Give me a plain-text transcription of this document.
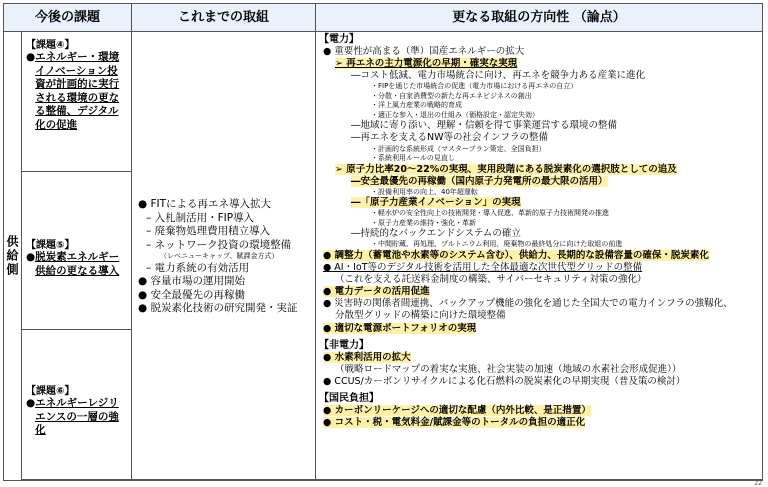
今後の課題	これまでの取組	更なる取組の方向性 （論点）
供給側
【課題④】
● エネルギー・環境イノベーション投資が計画的に実行される環境の更なる整備、デジタル化の促進
【課題⑤】
● 脱炭素エネルギー供給の更なる導入
【課題⑥】
● エネルギーレジリエンスの一層の強化
● FITによる再エネ導入拡大
– 入札制活用・FIP導入
– 廃棄物処理費用積立導入
– ネットワーク投資の環境整備
（レベニューキャップ、賦課金方式）
– 電力系統の有効活用
● 容量市場の運用開始
● 安全最優先の再稼働
● 脱炭素化技術の研究開発・実証
【電力】
● 重要性が高まる（準）国産エネルギーの拡大
➢ 再エネの主力電源化の早期・確実な実現
―コスト低減、電力市場統合に向け、再エネを競争力ある産業に進化
・FIPを通じた市場統合の促進（電力市場における再エネの自立）
・分散・自家消費型の新たな再エネビジネスの創出
・洋上風力産業の戦略的育成
・適正な参入・退出の仕組み（価格設定・認定失効）
―地域に寄り添い、理解・信頼を得て事業運営する環境の整備
―再エネを支えるNW等の社会インフラの整備
・計画的な系統形成（マスタープラン策定、全国負担）
・系統利用ルールの見直し
➢ 原子力比率20～22%の実現、実用段階にある脱炭素化の選択肢としての追及
―安全最優先の再稼働（国内原子力発電所の最大限の活用）
・設備利用率の向上、40年超運転
―「原子力産業イノベーション」の実現
・軽水炉の安全性向上の技術開発・導入促進、革新的原子力技術開発の推進
・原子力産業の維持・強化・革新
―持続的なバックエンドシステムの確立
・中間貯蔵、再処理、プルトニウム利用、廃棄物の最終処分に向けた取組の前進
● 調整力（蓄電池や水素等のシステム含む）、供給力、長期的な設備容量の確保・脱炭素化
● AI・IoT等のデジタル技術を活用した全体最適な次世代型グリッドの整備
（これを支える託送料金制度の構築、サイバーセキュリティ対策の強化）
● 電力データの活用促進
● 災害時の関係者間連携、バックアップ機能の強化を通じた全国大での電力インフラの強靱化、
分散型グリッドの構築に向けた環境整備
● 適切な電源ポートフォリオの実現
【非電力】
● 水素利活用の拡大
（戦略ロードマップの着実な実施、社会実装の加速（地域の水素社会形成促進））
● CCUS/カーボンリサイクルによる化石燃料の脱炭素化の早期実現（普及策の検討）
【国民負担】
● カーボンリーケージへの適切な配慮（内外比較、是正措置）
● コスト・税・電気料金/賦課金等のトータルの負担の適正化
22
